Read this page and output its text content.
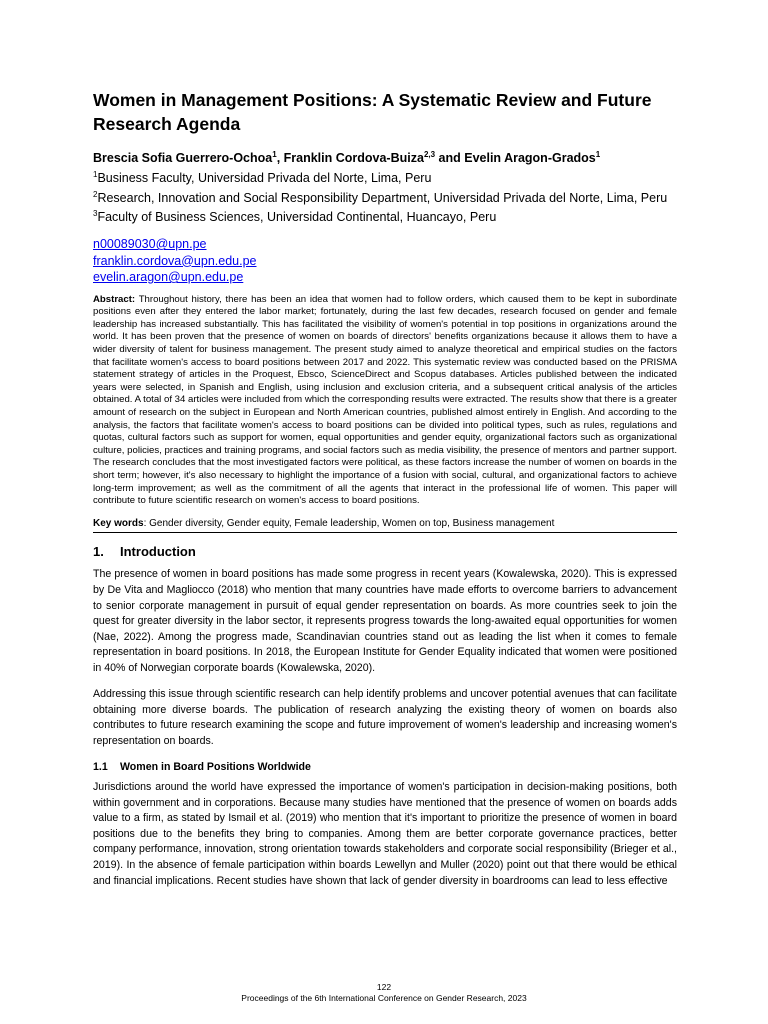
Women in Management Positions: A Systematic Review and Future Research Agenda

Brescia Sofia Guerrero-Ochoa$^1$, Franklin Cordova-Buiza$^{2,3}$ and Evelin Aragon-Grados$^1$

$^1$Business Faculty, Universidad Privada del Norte, Lima, Peru

$^2$Research, Innovation and Social Responsibility Department, Universidad Privada del Norte, Lima, Peru

$^3$Faculty of Business Sciences, Universidad Continental, Huancayo, Peru

n00089030@upn.pe
franklin.cordova@upn.edu.pe
evelin.aragon@upn.edu.pe

Abstract: Throughout history, there has been an idea that women had to follow orders, which caused them to be kept in subordinate positions even after they entered the labor market; fortunately, during the last few decades, research focused on gender and female leadership has increased substantially. This has facilitated the visibility of women's potential in top positions in organizations around the world. It has been proven that the presence of women on boards of directors' benefits organizations because it allows them to have a wider diversity of talent for business management. The present study aimed to analyze theoretical and empirical studies on the factors that facilitate women's access to board positions between 2017 and 2022. This systematic review was conducted based on the PRISMA statement strategy of articles in the Proquest, Ebsco, ScienceDirect and Scopus databases. Articles published between the indicated years were selected, in Spanish and English, using inclusion and exclusion criteria, and a subsequent critical analysis of the articles obtained. A total of 34 articles were included from which the corresponding results were extracted. The results show that there is a greater amount of research on the subject in European and North American countries, published almost entirely in English. And according to the analysis, the factors that facilitate women's access to board positions can be divided into political types, such as rules, regulations and quotas, cultural factors such as support for women, equal opportunities and gender equity, organizational factors such as organizational culture, policies, practices and training programs, and social factors such as media visibility, the presence of mentors and partner support. The research concludes that the most investigated factors were political, as these factors increase the number of women on boards in the short term; however, it's also necessary to highlight the importance of a fusion with social, cultural, and organizational factors to achieve long-term improvement; as well as the commitment of all the agents that interact in the professional life of women. This paper will contribute to future scientific research on women's access to board positions.

Key words: Gender diversity, Gender equity, Female leadership, Women on top, Business management

1. Introduction

The presence of women in board positions has made some progress in recent years (Kowalewska, 2020). This is expressed by De Vita and Magliocco (2018) who mention that many countries have made efforts to overcome barriers to advancement to senior corporate management in pursuit of equal gender representation on boards. As more countries seek to join the quest for greater diversity in the labor sector, it represents progress towards the long-awaited equal opportunities for women (Nae, 2022). Among the progress made, Scandinavian countries stand out as leading the list when it comes to female representation in board positions. In 2018, the European Institute for Gender Equality indicated that women were positioned in 40% of Norwegian corporate boards (Kowalewska, 2020).

Addressing this issue through scientific research can help identify problems and uncover potential avenues that can facilitate obtaining more diverse boards. The publication of research analyzing the existing theory of women on boards also contributes to future research examining the scope and future improvement of women's leadership and increasing women's representation on boards.

1.1 Women in Board Positions Worldwide

Jurisdictions around the world have expressed the importance of women's participation in decision-making positions, both within government and in corporations. Because many studies have mentioned that the presence of women on boards adds value to a firm, as stated by Ismail et al. (2019) who mention that it's important to prioritize the presence of women in board positions due to the benefits they bring to companies. Among them are better corporate governance practices, better company performance, innovation, strong orientation towards stakeholders and corporate social responsibility (Brieger et al., 2019). In the absence of female participation within boards Lewellyn and Muller (2020) point out that there would be ethical and financial implications. Recent studies have shown that lack of gender diversity in boardrooms can lead to less effective

122
Proceedings of the 6th International Conference on Gender Research, 2023
